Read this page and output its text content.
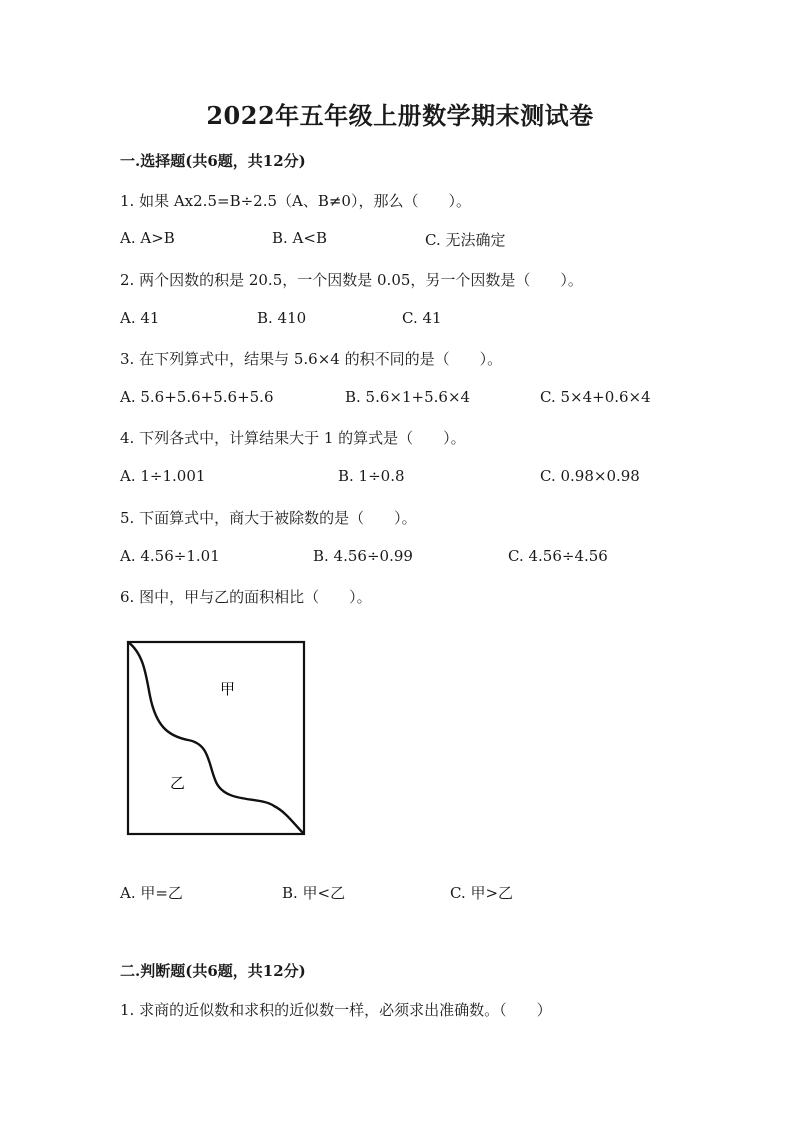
2022年五年级上册数学期末测试卷
一.选择题(共6题，共12分)
1. 如果 Ax2.5=B÷2.5（A、B≠0），那么（　　）。
A. A>B	B. A<B	C. 无法确定
2. 两个因数的积是 20.5，一个因数是 0.05，另一个因数是（　　）。
A. 41	B. 410	C. 41
3. 在下列算式中，结果与 5.6×4 的积不同的是（　　）。
A. 5.6+5.6+5.6+5.6	B. 5.6×1+5.6×4	C. 5×4+0.6×4
4. 下列各式中，计算结果大于 1 的算式是（　　）。
A. 1÷1.001	B. 1÷0.8	C. 0.98×0.98
5. 下面算式中，商大于被除数的是（　　）。
A. 4.56÷1.01	B. 4.56÷0.99	C. 4.56÷4.56
6. 图中，甲与乙的面积相比（　　）。
甲
乙
A. 甲=乙	B. 甲<乙	C. 甲>乙
二.判断题(共6题，共12分)
1. 求商的近似数和求积的近似数一样，必须求出准确数。（　　）
